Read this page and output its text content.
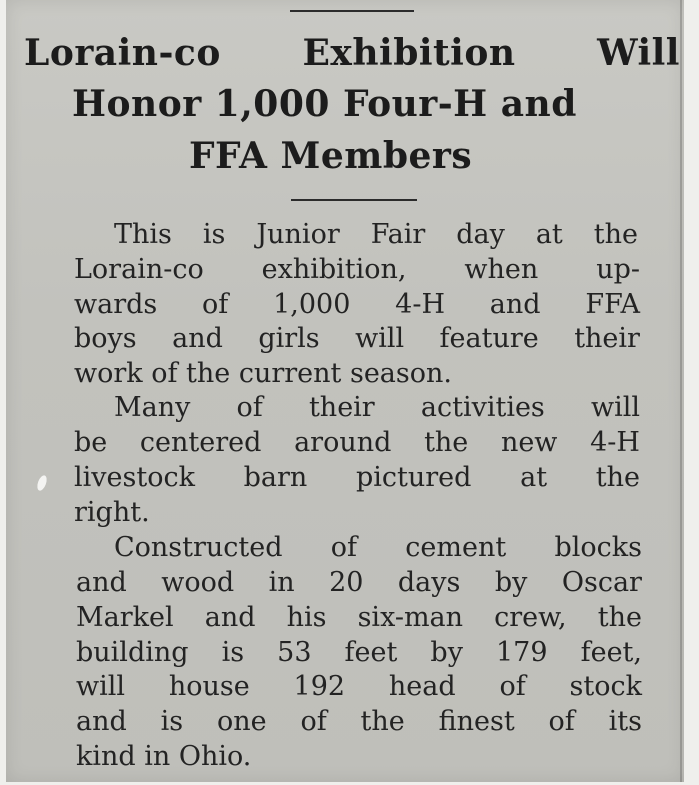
Lorain-co Exhibition Will
Honor 1,000 Four-H and
FFA Members
This is Junior Fair day at the
Lorain-co exhibition, when up-
wards of 1,000 4-H and FFA
boys and girls will feature their
work of the current season.
Many of their activities will
be centered around the new 4-H
livestock barn pictured at the
right.
Constructed of cement blocks
and wood in 20 days by Oscar
Markel and his six-man crew, the
building is 53 feet by 179 feet,
will house 192 head of stock
and is one of the finest of its
kind in Ohio.
